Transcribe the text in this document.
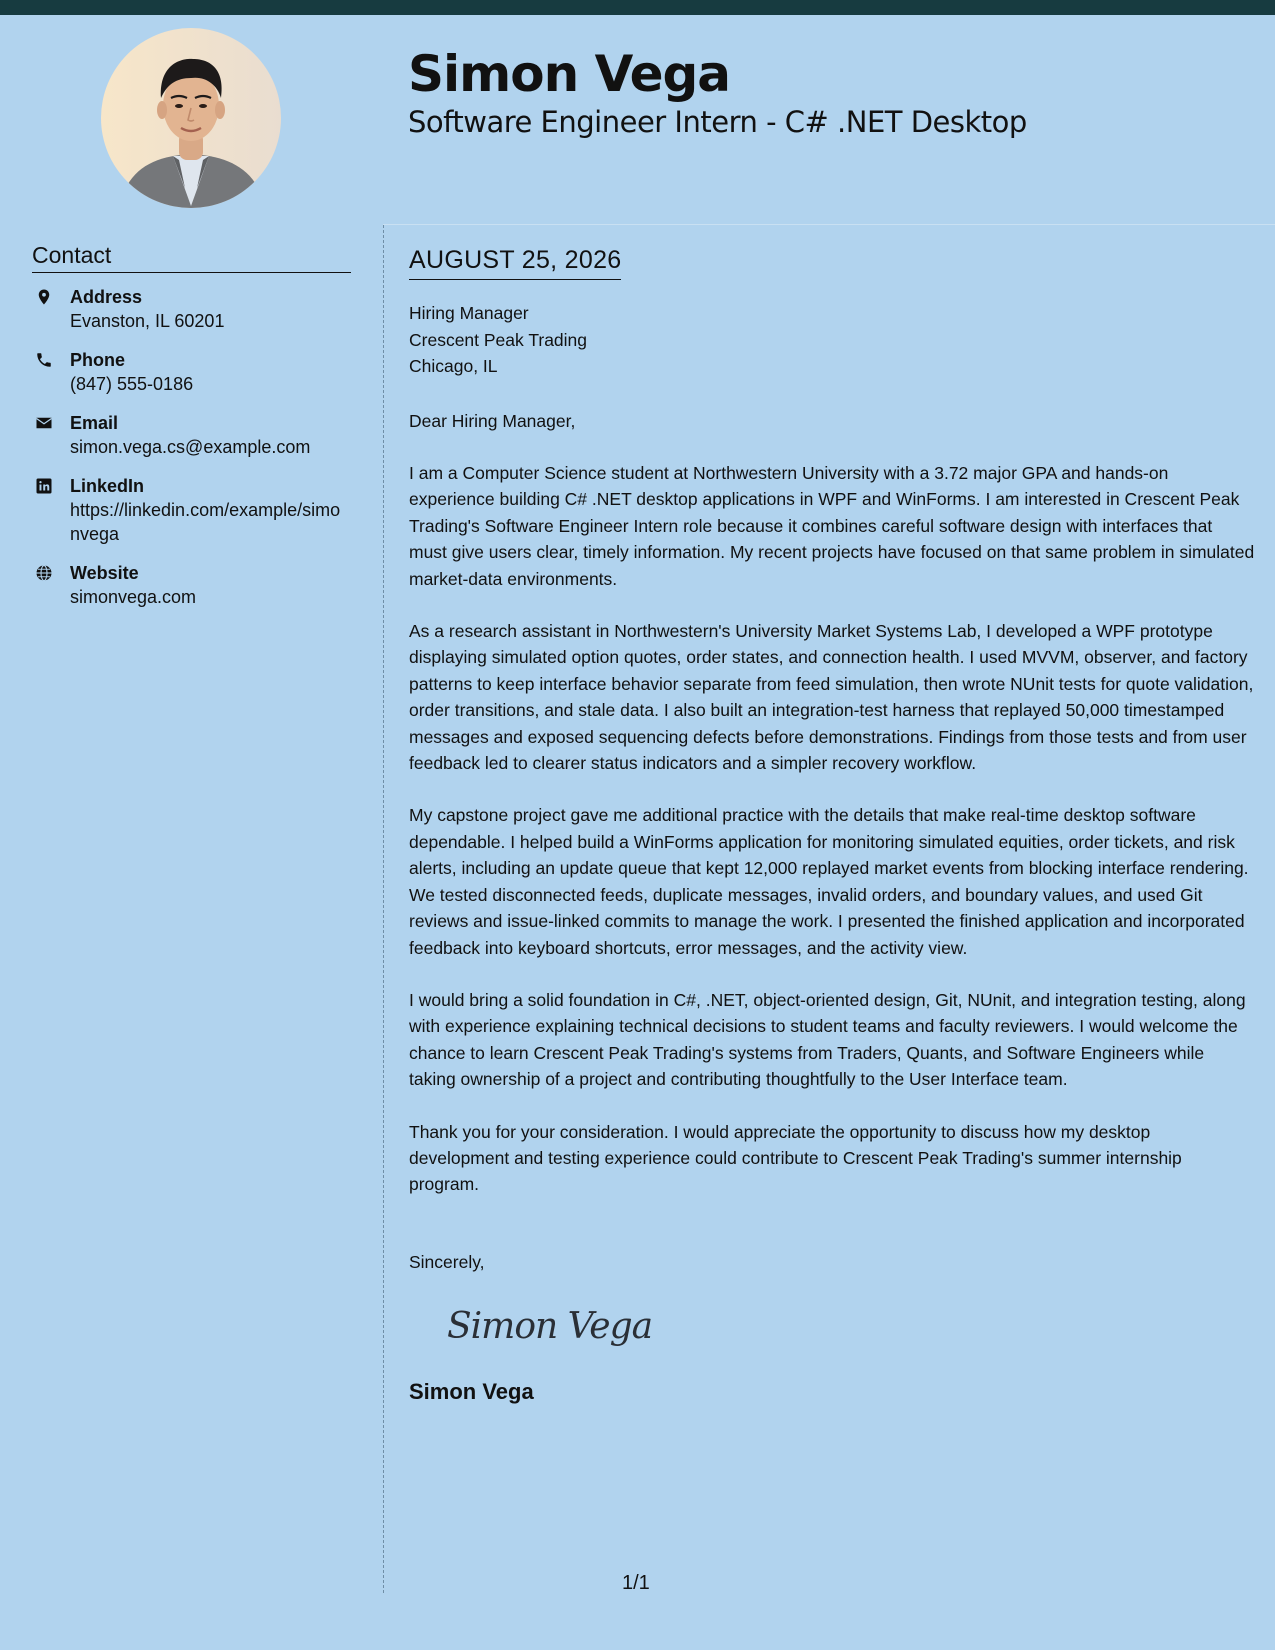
Simon Vega
Software Engineer Intern - C# .NET Desktop
Contact
Address
Evanston, IL 60201
Phone
(847) 555-0186
Email
simon.vega.cs@example.com
LinkedIn
https://linkedin.com/example/simonvega
Website
simonvega.com
AUGUST 25, 2026
Hiring Manager
Crescent Peak Trading
Chicago, IL
Dear Hiring Manager,

I am a Computer Science student at Northwestern University with a 3.72 major GPA and hands-on experience building C# .NET desktop applications in WPF and WinForms. I am interested in Crescent Peak Trading's Software Engineer Intern role because it combines careful software design with interfaces that must give users clear, timely information. My recent projects have focused on that same problem in simulated market-data environments.

As a research assistant in Northwestern's University Market Systems Lab, I developed a WPF prototype displaying simulated option quotes, order states, and connection health. I used MVVM, observer, and factory patterns to keep interface behavior separate from feed simulation, then wrote NUnit tests for quote validation, order transitions, and stale data. I also built an integration-test harness that replayed 50,000 timestamped messages and exposed sequencing defects before demonstrations. Findings from those tests and from user feedback led to clearer status indicators and a simpler recovery workflow.

My capstone project gave me additional practice with the details that make real-time desktop software dependable. I helped build a WinForms application for monitoring simulated equities, order tickets, and risk alerts, including an update queue that kept 12,000 replayed market events from blocking interface rendering. We tested disconnected feeds, duplicate messages, invalid orders, and boundary values, and used Git reviews and issue-linked commits to manage the work. I presented the finished application and incorporated feedback into keyboard shortcuts, error messages, and the activity view.

I would bring a solid foundation in C#, .NET, object-oriented design, Git, NUnit, and integration testing, along with experience explaining technical decisions to student teams and faculty reviewers. I would welcome the chance to learn Crescent Peak Trading's systems from Traders, Quants, and Software Engineers while taking ownership of a project and contributing thoughtfully to the User Interface team.

Thank you for your consideration. I would appreciate the opportunity to discuss how my desktop development and testing experience could contribute to Crescent Peak Trading's summer internship program.

Sincerely,
Simon Vega
Simon Vega
1/1
